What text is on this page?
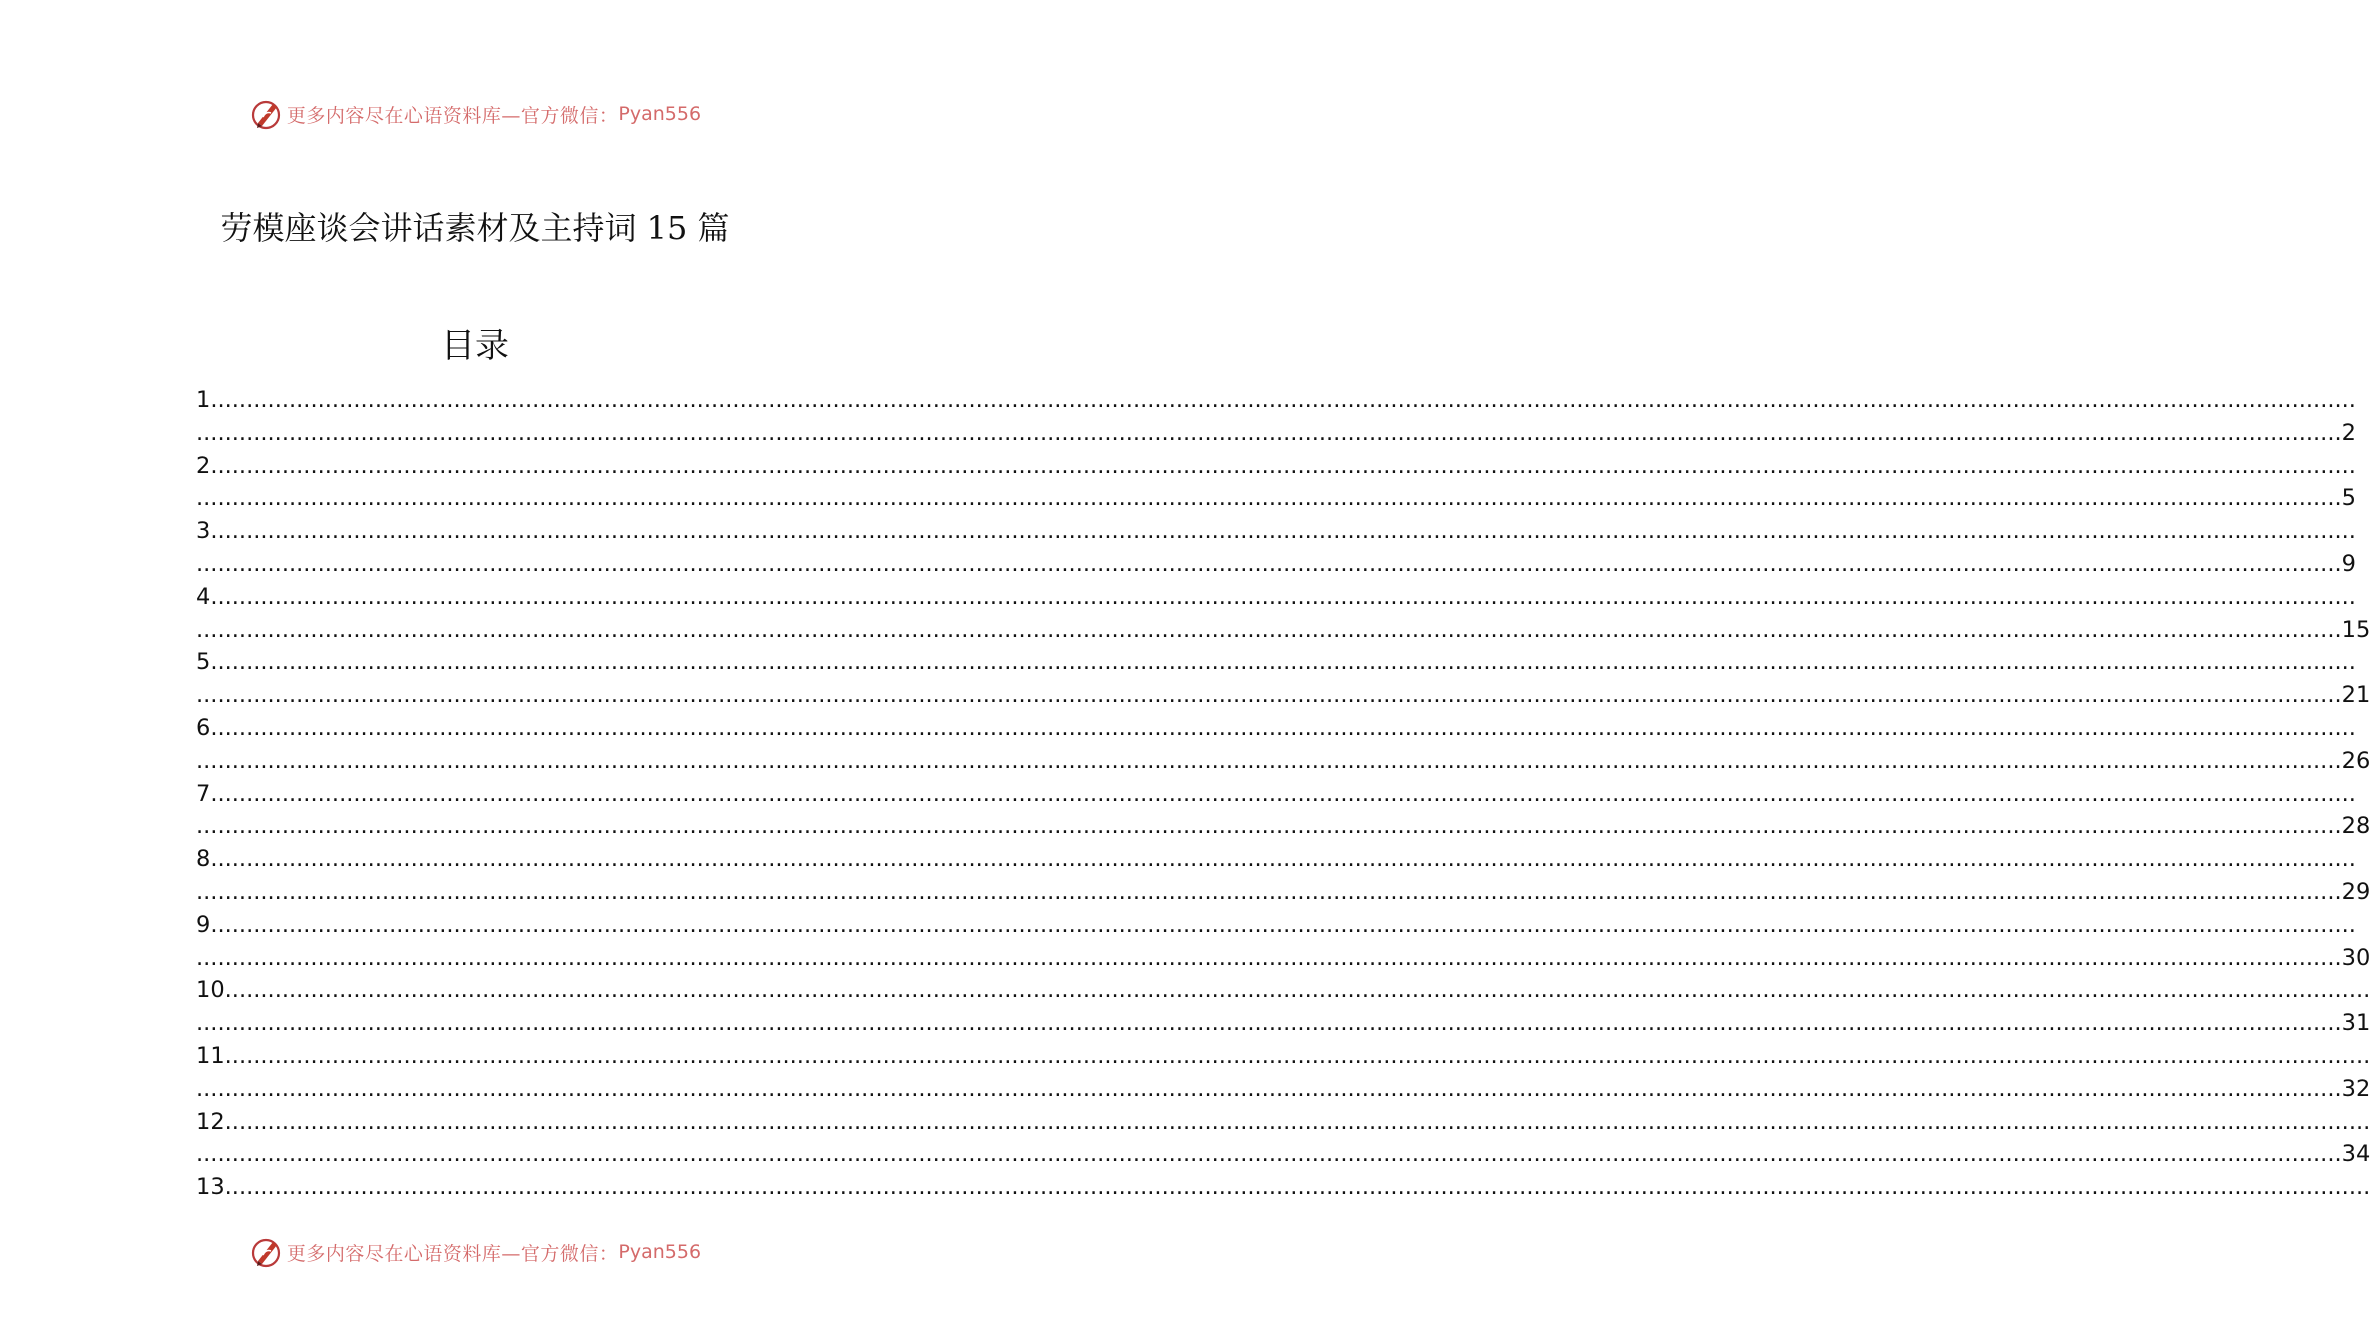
更多内容尽在心语资料库—官方微信： Pyan556
劳模座谈会讲话素材及主持词 15 篇
目录
1 ............................................................................................................................................................................................................................................................................................................
............................................................................................................................................................................................................................................................................................................ 2
2 ............................................................................................................................................................................................................................................................................................................
............................................................................................................................................................................................................................................................................................................ 5
3 ............................................................................................................................................................................................................................................................................................................
............................................................................................................................................................................................................................................................................................................ 9
4 ............................................................................................................................................................................................................................................................................................................
............................................................................................................................................................................................................................................................................................................ 15
5 ............................................................................................................................................................................................................................................................................................................
............................................................................................................................................................................................................................................................................................................ 21
6 ............................................................................................................................................................................................................................................................................................................
............................................................................................................................................................................................................................................................................................................ 26
7 ............................................................................................................................................................................................................................................................................................................
............................................................................................................................................................................................................................................................................................................ 28
8 ............................................................................................................................................................................................................................................................................................................
............................................................................................................................................................................................................................................................................................................ 29
9 ............................................................................................................................................................................................................................................................................................................
............................................................................................................................................................................................................................................................................................................ 30
10 ............................................................................................................................................................................................................................................................................................................
............................................................................................................................................................................................................................................................................................................ 31
11 ............................................................................................................................................................................................................................................................................................................
............................................................................................................................................................................................................................................................................................................ 32
12 ............................................................................................................................................................................................................................................................................................................
............................................................................................................................................................................................................................................................................................................ 34
13 ............................................................................................................................................................................................................................................................................................................
更多内容尽在心语资料库—官方微信： Pyan556
